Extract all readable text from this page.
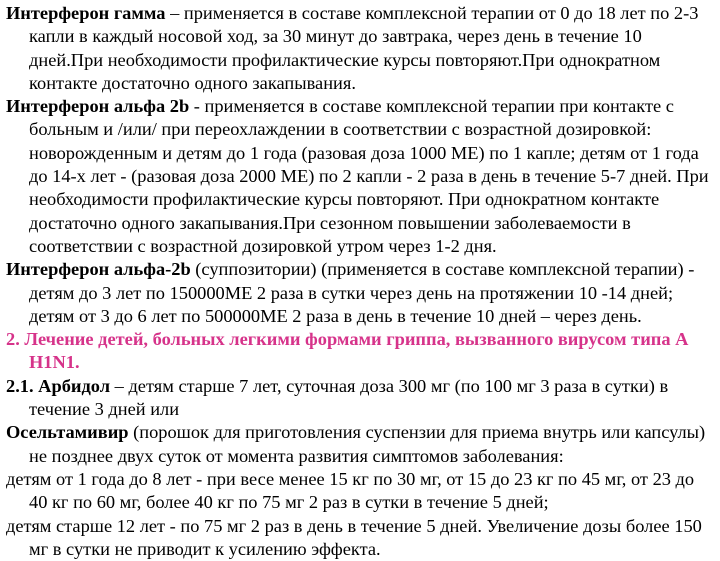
Интерферон гамма – применяется в составе комплексной терапии от 0 до 18 лет по 2-3 капли в каждый носовой ход, за 30 минут до завтрака, через день в течение 10 дней.При необходимости профилактические курсы повторяют.При однократном контакте достаточно одного закапывания.

Интерферон альфа 2b - применяется в составе комплексной терапии при контакте с больным и /или/ при переохлаждении в соответствии с возрастной дозировкой: новорожденным и детям до 1 года (разовая доза 1000 МЕ) по 1 капле; детям от 1 года до 14-х лет - (разовая доза 2000 МЕ) по 2 капли - 2 раза в день в течение 5-7 дней. При необходимости профилактические курсы повторяют. При однократном контакте достаточно одного закапывания.При сезонном повышении заболеваемости в соответствии с возрастной дозировкой утром через 1-2 дня.

Интерферон альфа-2b (суппозитории) (применяется в составе комплексной терапии) - детям до 3 лет по 150000МЕ 2 раза в сутки через день на протяжении 10 -14 дней; детям от 3 до 6 лет по 500000МЕ 2 раза в день в течение 10 дней – через день.

2. Лечение детей, больных легкими формами гриппа, вызванного вирусом типа А H1N1.

2.1. Арбидол – детям старше 7 лет, суточная доза 300 мг (по 100 мг 3 раза в сутки) в течение 3 дней или

Осельтамивир (порошок для приготовления суспензии для приема внутрь или капсулы) не позднее двух суток от момента развития симптомов заболевания:

детям от 1 года до 8 лет - при весе менее 15 кг по 30 мг, от 15 до 23 кг по 45 мг, от 23 до 40 кг по 60 мг, более 40 кг по 75 мг 2 раз в сутки в течение 5 дней;

детям старше 12 лет - по 75 мг 2 раз в день в течение 5 дней. Увеличение дозы более 150 мг в сутки не приводит к усилению эффекта.
